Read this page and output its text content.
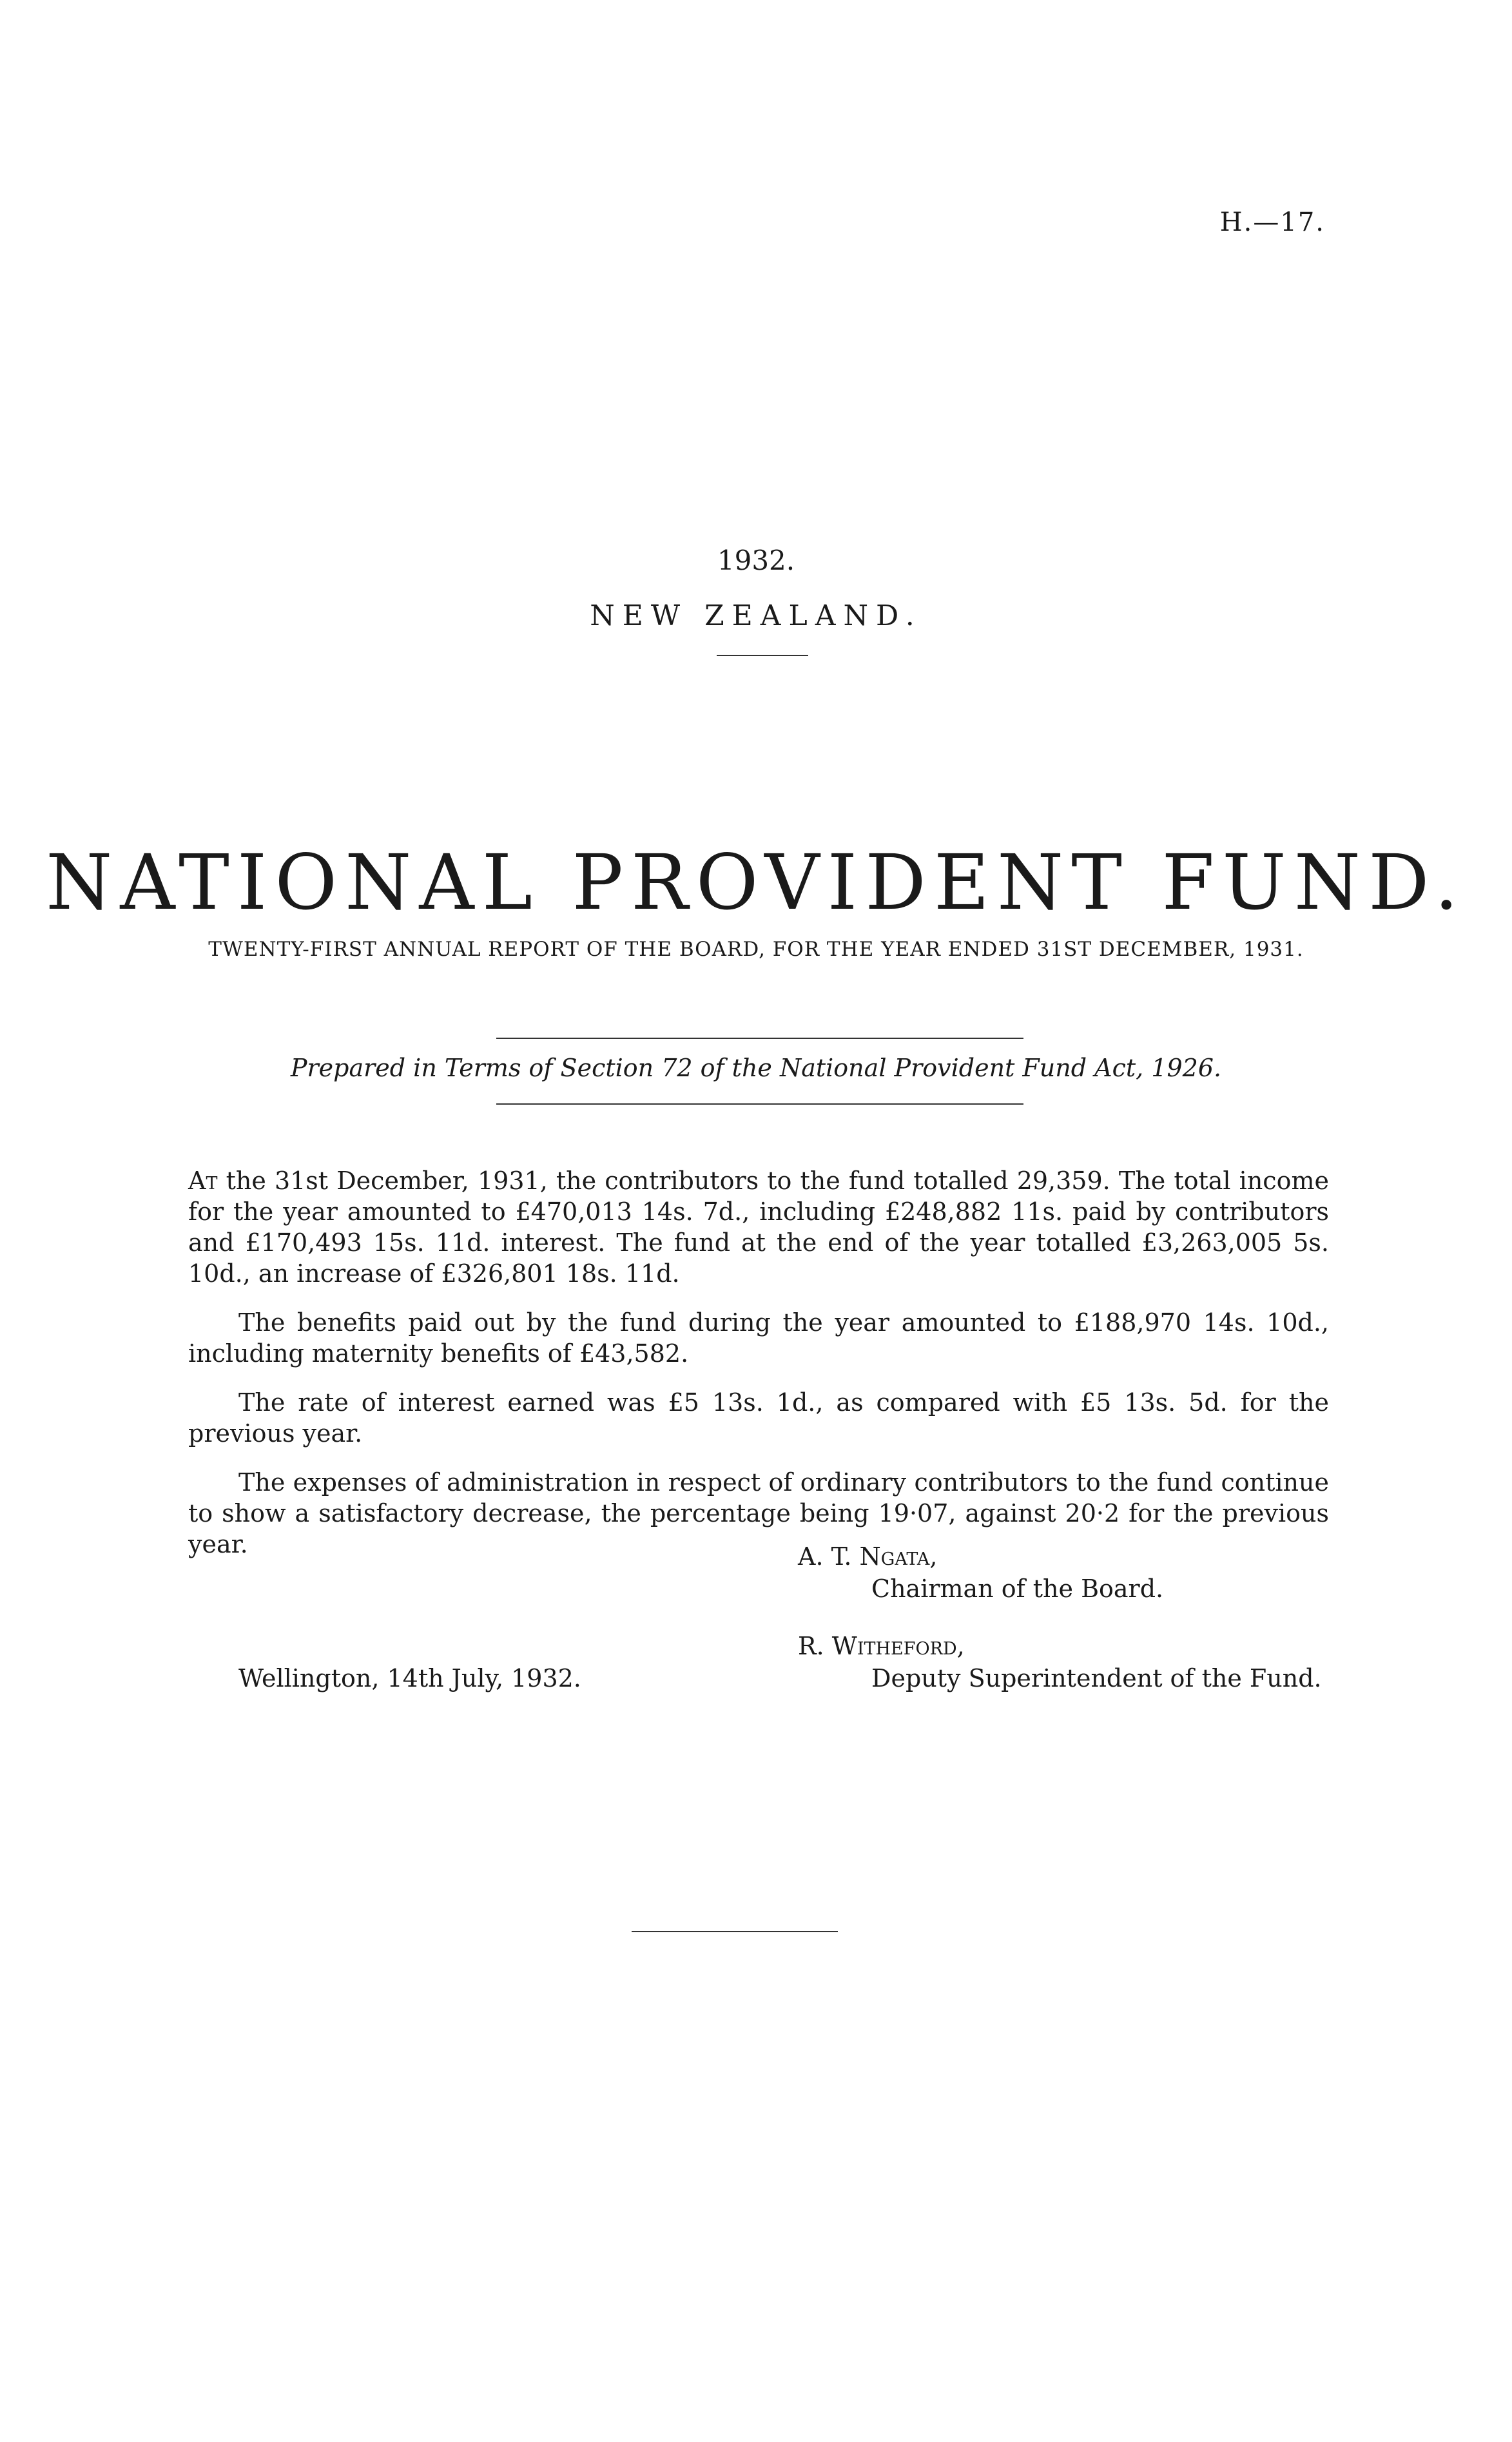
H.—17.
1932.
NEW ZEALAND.
NATIONAL PROVIDENT FUND.
TWENTY-FIRST ANNUAL REPORT OF THE BOARD, FOR THE YEAR ENDED 31ST DECEMBER, 1931.
Prepared in Terms of Section 72 of the National Provident Fund Act, 1926.

At the 31st December, 1931, the contributors to the fund totalled 29,359. The total income for the year amounted to £470,013 14s. 7d., including £248,882 11s. paid by contributors and £170,493 15s. 11d. interest. The fund at the end of the year totalled £3,263,005 5s. 10d., an increase of £326,801 18s. 11d.

The benefits paid out by the fund during the year amounted to £188,970 14s. 10d., including maternity benefits of £43,582.

The rate of interest earned was £5 13s. 1d., as compared with £5 13s. 5d. for the previous year.

The expenses of administration in respect of ordinary contributors to the fund continue to show a satisfactory decrease, the percentage being 19·07, against 20·2 for the previous year.	A. T. Ngata,
Chairman of the Board.
R. Witheford,
Wellington, 14th July, 1932.	Deputy Superintendent of the Fund.
